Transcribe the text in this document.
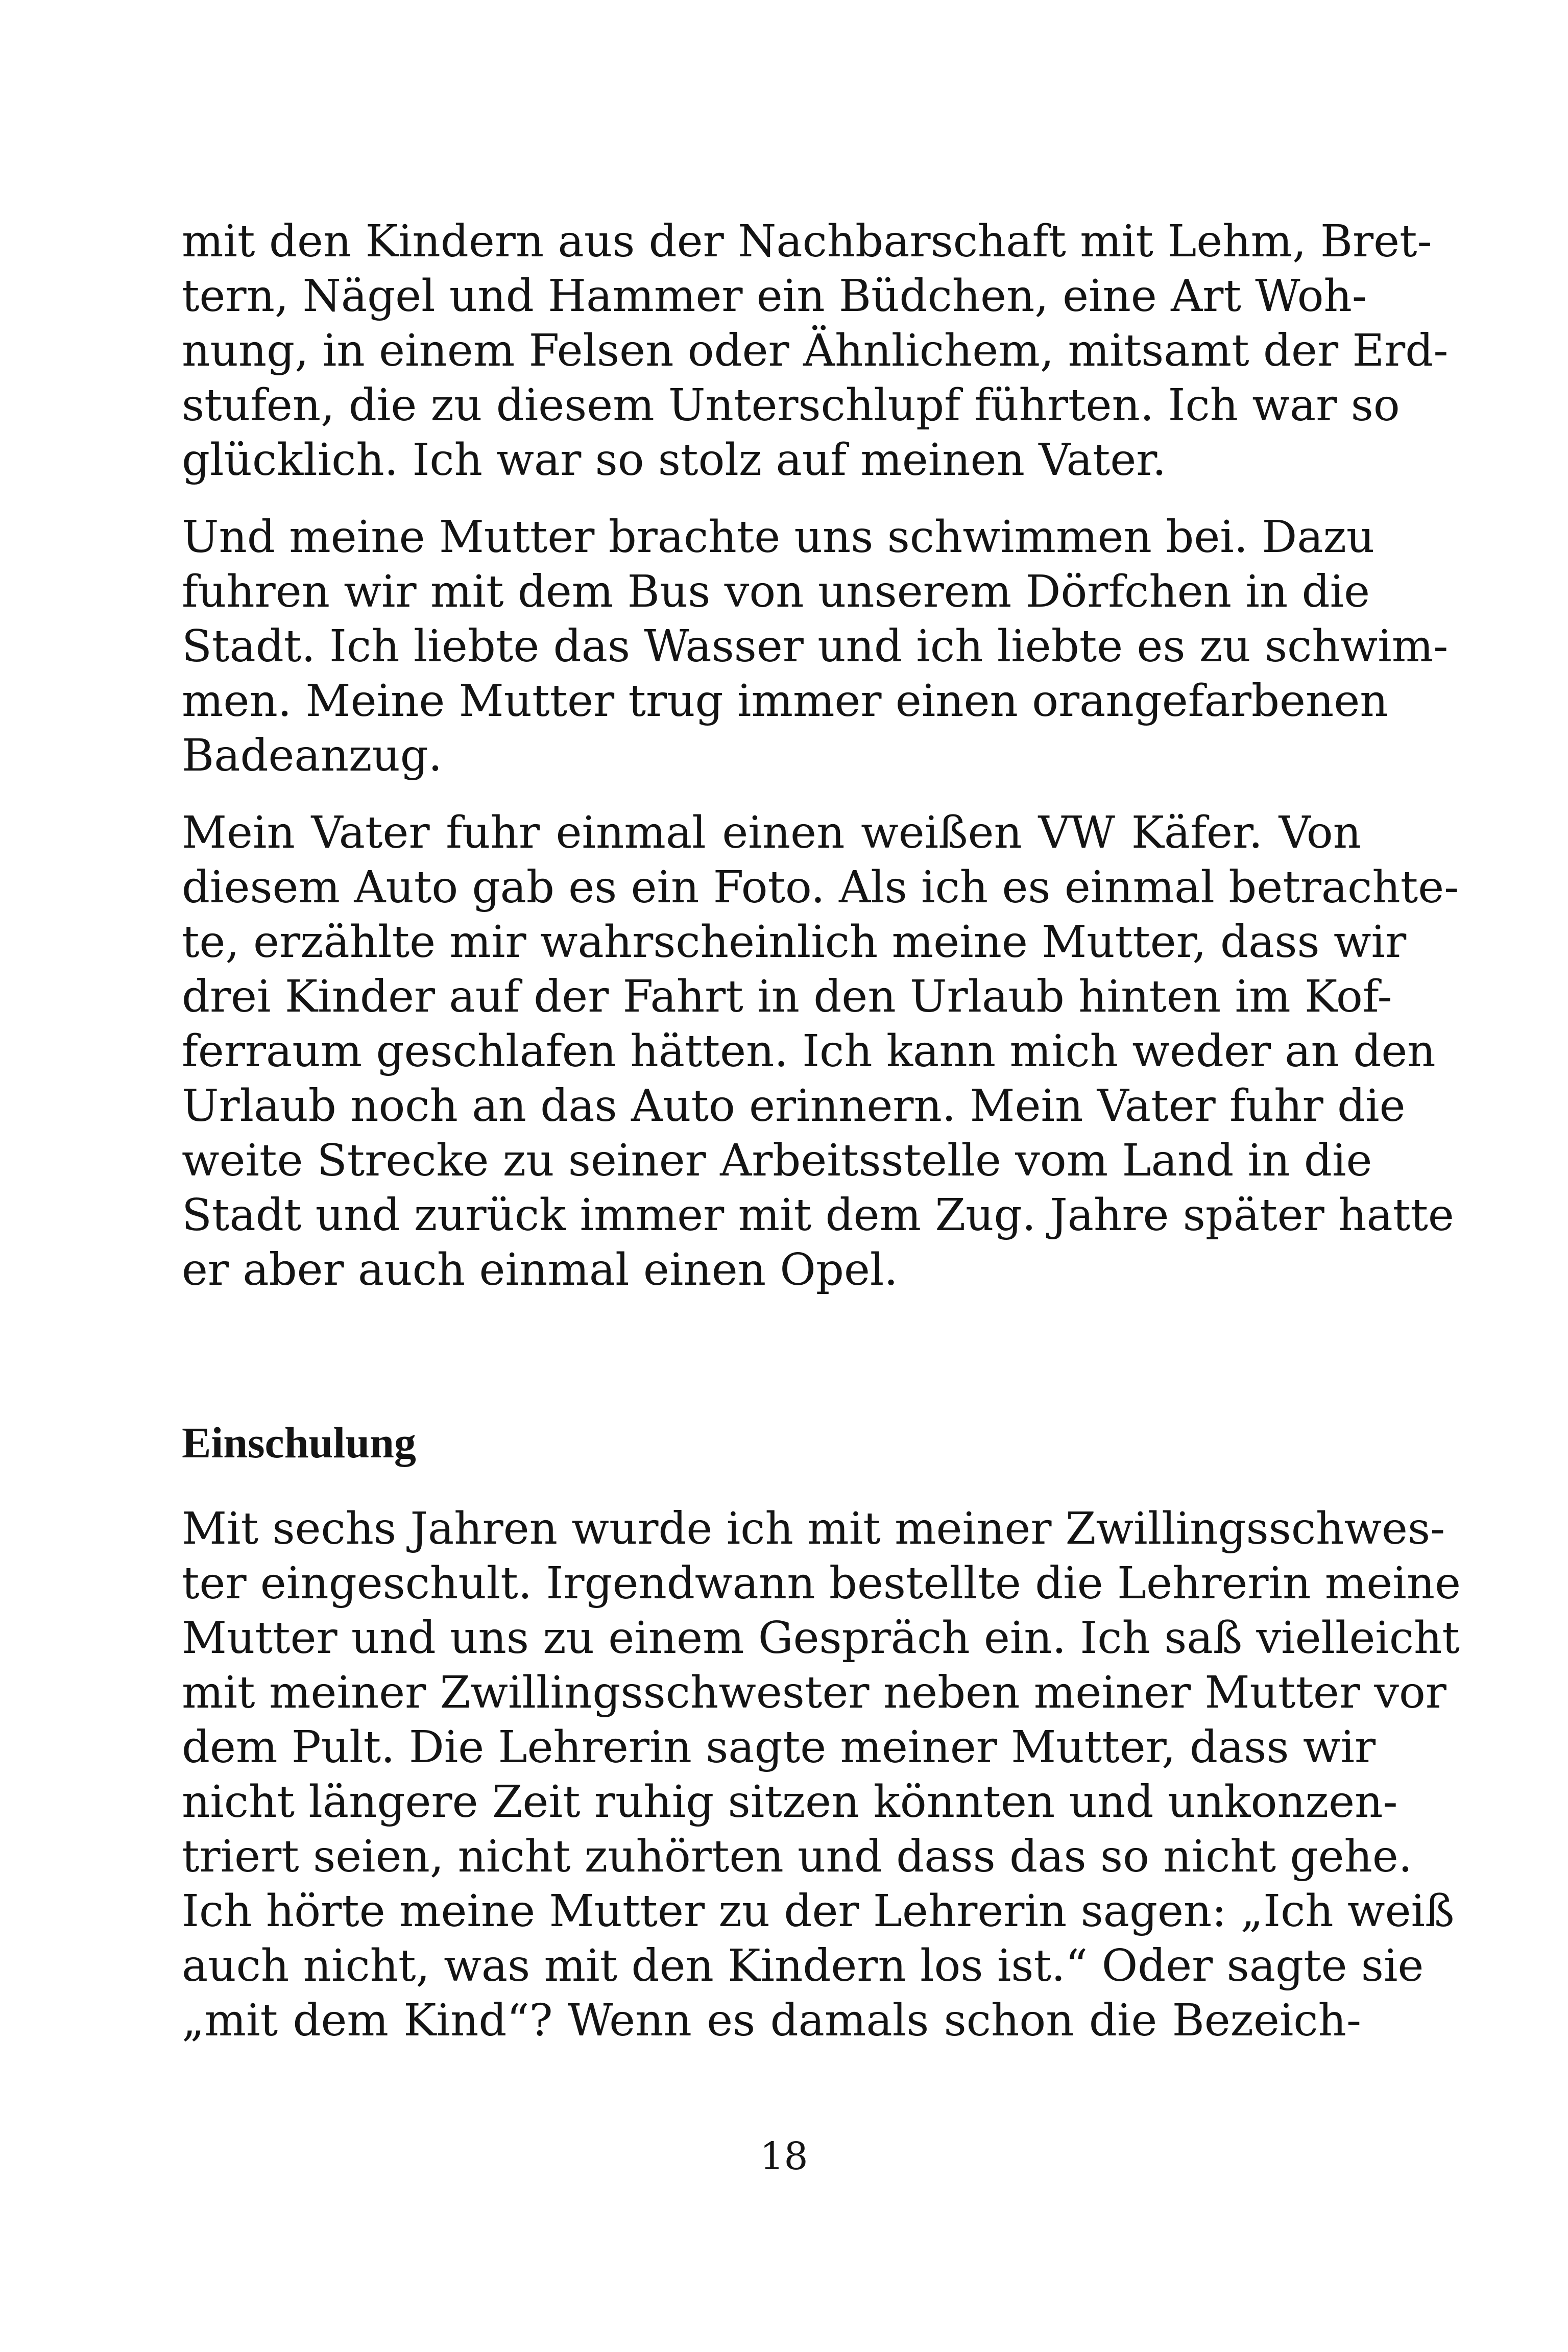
mit den Kindern aus der Nachbarschaft mit Lehm, Bret-
tern, Nägel und Hammer ein Büdchen, eine Art Woh-
nung, in einem Felsen oder Ähnlichem, mitsamt der Erd-
stufen, die zu diesem Unterschlupf führten. Ich war so
glücklich. Ich war so stolz auf meinen Vater.
Und meine Mutter brachte uns schwimmen bei. Dazu
fuhren wir mit dem Bus von unserem Dörfchen in die
Stadt. Ich liebte das Wasser und ich liebte es zu schwim-
men. Meine Mutter trug immer einen orangefarbenen
Badeanzug.
Mein Vater fuhr einmal einen weißen VW Käfer. Von
diesem Auto gab es ein Foto. Als ich es einmal betrachte-
te, erzählte mir wahrscheinlich meine Mutter, dass wir
drei Kinder auf der Fahrt in den Urlaub hinten im Kof-
ferraum geschlafen hätten. Ich kann mich weder an den
Urlaub noch an das Auto erinnern. Mein Vater fuhr die
weite Strecke zu seiner Arbeitsstelle vom Land in die
Stadt und zurück immer mit dem Zug. Jahre später hatte
er aber auch einmal einen Opel.
Einschulung
Mit sechs Jahren wurde ich mit meiner Zwillingsschwes-
ter eingeschult. Irgendwann bestellte die Lehrerin meine
Mutter und uns zu einem Gespräch ein. Ich saß vielleicht
mit meiner Zwillingsschwester neben meiner Mutter vor
dem Pult. Die Lehrerin sagte meiner Mutter, dass wir
nicht längere Zeit ruhig sitzen könnten und unkonzen-
triert seien, nicht zuhörten und dass das so nicht gehe.
Ich hörte meine Mutter zu der Lehrerin sagen: „Ich weiß
auch nicht, was mit den Kindern los ist.“ Oder sagte sie
„mit dem Kind“? Wenn es damals schon die Bezeich-
18
